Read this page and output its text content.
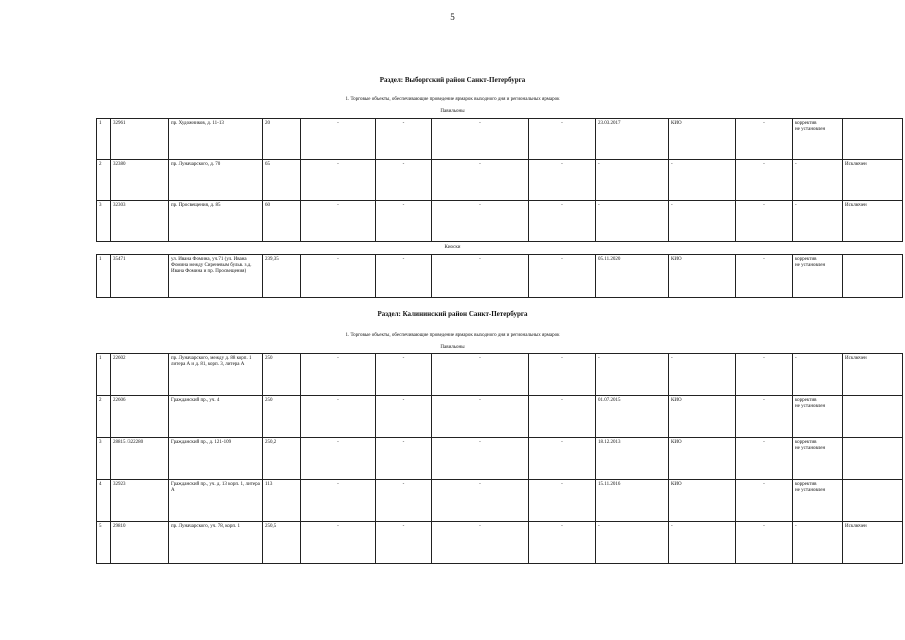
5
Раздел: Выборгский район Санкт-Петербурга
1. Торговые объекты, обеспечивающие проведение ярмарок выходного дня и региональных ярмарок
Павильоны
1	32961	пр. Художников, д. 11-13	20	-	-	-	-	23.03.2017	КИО	-	корректив
не установлен	
2	32380	пр. Луначарского, д. 70	65	-	-	-	-	-	-	-	-	Исключен
3	32303	пр. Просвещения, д. 85	60	-	-	-	-	-	-	-	-	Исключен
Киоски
1	35471	ул. Ивана Фомина, уч.71 (ул. Ивана Фомина между Сиреневым бульв. з.д. Ивана Фомина и пр. Просвещения)	239,35	-	-	-	-	05.11.2020	КИО	-	корректив
не установлен	
Раздел: Калининский район Санкт-Петербурга
1. Торговые объекты, обеспечивающие проведение ярмарок выходного дня и региональных ярмарок
Павильоны
1	22602	пр. Луначарского, между д. 88 корп. 1 литера А и д. 81, корп. 3, литера А	250	-	-	-	-	-	-	-	-	Исключен
2	22606	Гражданский пр., уч. 4	250	-	-	-	-	01.07.2015	КИО	-	корректив
не установлен	
3	28815 /322280	Гражданский пр., д. 121-109	250,2	-	-	-	-	18.12.2013	КИО	-	корректив
не установлен	
4	32923	Гражданский пр., уч. д. 13 корп. 1, литера А	113	-	-	-	-	15.11.2016	КИО	-	корректив
не установлен	
5	29810	пр. Луначарского, уч. 78, корп. 1	250,5	-	-	-	-	-	-	-	-	Исключен
